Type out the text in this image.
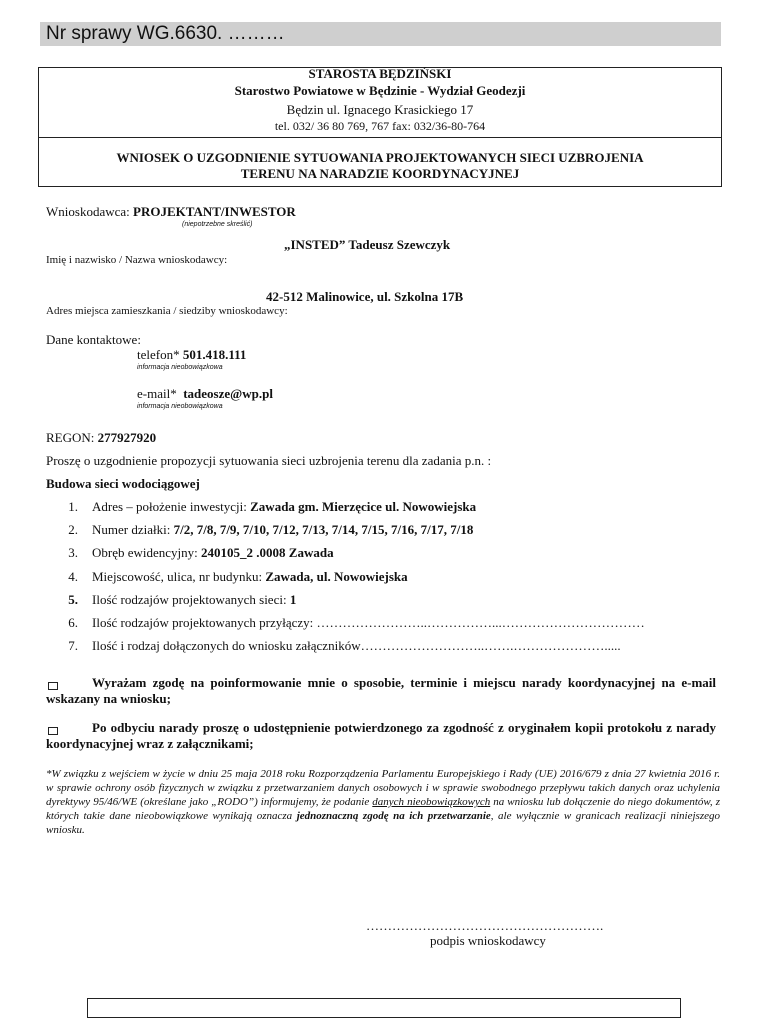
Nr sprawy WG.6630. ………
STAROSTA BĘDZIŃSKI
Starostwo Powiatowe w Będzinie - Wydział Geodezji
Będzin ul. Ignacego Krasickiego 17
tel. 032/ 36 80 769, 767 fax: 032/36-80-764
WNIOSEK O UZGODNIENIE SYTUOWANIA PROJEKTOWANYCH SIECI UZBROJENIA
TERENU NA NARADZIE KOORDYNACYJNEJ
Wnioskodawca: PROJEKTANT/INWESTOR
(niepotrzebne skreślić)
„INSTED” Tadeusz Szewczyk
Imię i nazwisko / Nazwa wnioskodawcy:
42-512 Malinowice, ul. Szkolna 17B
Adres miejsca zamieszkania / siedziby wnioskodawcy:
Dane kontaktowe:
telefon* 501.418.111
informacja nieobowiązkowa
e-mail* tadeosze@wp.pl
informacja nieobowiązkowa
REGON: 277927920
Proszę o uzgodnienie propozycji sytuowania sieci uzbrojenia terenu dla zadania p.n. :
Budowa sieci wodociągowej
1. Adres – położenie inwestycji: Zawada gm. Mierzęcice ul. Nowowiejska
2. Numer działki: 7/2, 7/8, 7/9, 7/10, 7/12, 7/13, 7/14, 7/15, 7/16, 7/17, 7/18
3. Obręb ewidencyjny: 240105_2 .0008 Zawada
4. Miejscowość, ulica, nr budynku: Zawada, ul. Nowowiejska
5. Ilość rodzajów projektowanych sieci: 1
6. Ilość rodzajów projektowanych przyłączy: ……………………..……………...……………………………
7. Ilość i rodzaj dołączonych do wniosku załączników………………………..…….………………….....
Wyrażam zgodę na poinformowanie mnie o sposobie, terminie i miejscu narady koordynacyjnej na e-mail wskazany na wniosku;
Po odbyciu narady proszę o udostępnienie potwierdzonego za zgodność z oryginałem kopii protokołu z narady koordynacyjnej wraz z załącznikami;
*W związku z wejściem w życie w dniu 25 maja 2018 roku Rozporządzenia Parlamentu Europejskiego i Rady (UE) 2016/679 z dnia 27 kwietnia 2016 r. w sprawie ochrony osób fizycznych w związku z przetwarzaniem danych osobowych i w sprawie swobodnego przepływu takich danych oraz uchylenia dyrektywy 95/46/WE (określane jako „RODO”) informujemy, że podanie danych nieobowiązkowych na wniosku lub dołączenie do niego dokumentów, z których takie dane nieobowiązkowe wynikają oznacza jednoznaczną zgodę na ich przetwarzanie, ale wyłącznie w granicach realizacji niniejszego wniosku.
……………………………………………….
podpis wnioskodawcy
